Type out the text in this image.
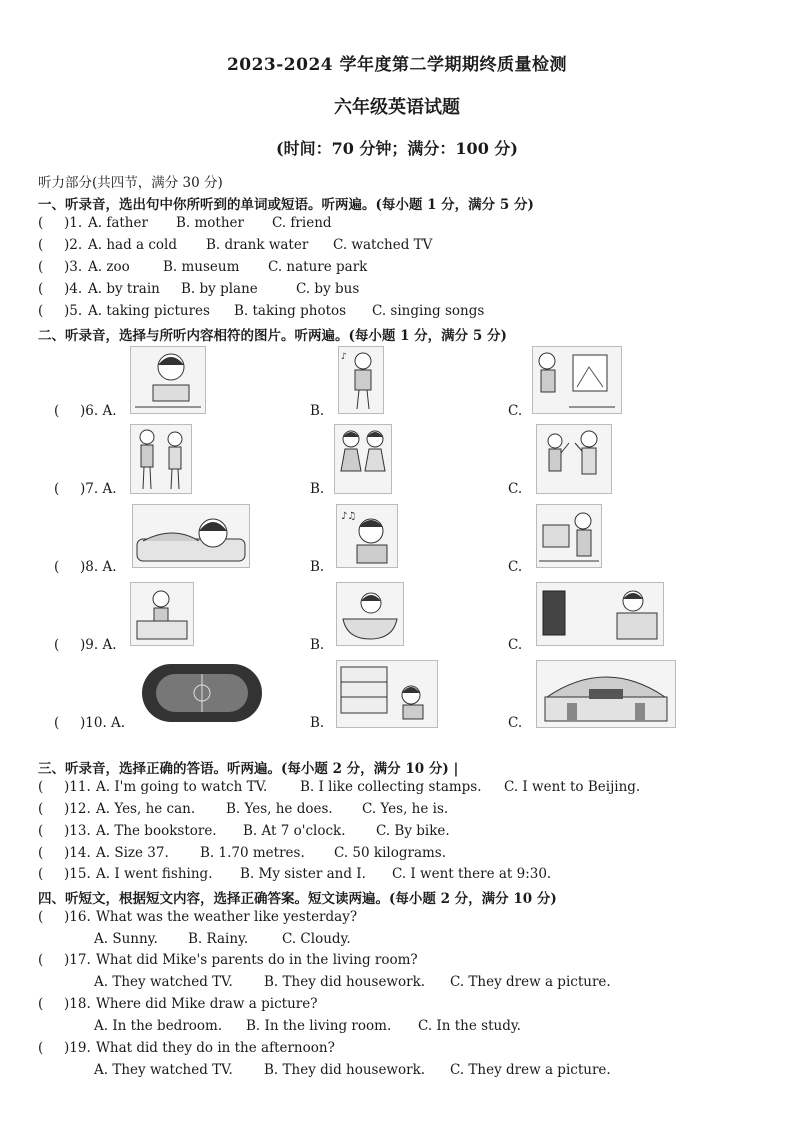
2023-2024 学年度第二学期期终质量检测
六年级英语试题
(时间：70 分钟；满分：100 分)
听力部分(共四节，满分 30 分)
一、听录音，选出句中你所听到的单词或短语。听两遍。(每小题 1 分，满分 5 分)
( )1. A. father B. mother C. friend
( )2. A. had a cold B. drank water C. watched TV
( )3. A. zoo B. museum C. nature park
( )4. A. by train B. by plane	C. by bus
( )5. A. taking pictures B. taking photos C. singing songs
二、听录音，选择与所听内容相符的图片。听两遍。(每小题 1 分，满分 5 分)
( )6. A.	B.	C.
♪
( )7. A.	B.	C.
( )8. A.	B.	C.
♪♫
( )9. A.	B.	C.
( )10. A.	B.	C.
三、听录音，选择正确的答语。听两遍。(每小题 2 分，满分 10 分) |
( )11. A. I'm going to watch TV. B. I like collecting stamps. C. I went to Beijing.
( )12. A. Yes, he can. B. Yes, he does. C. Yes, he is.
( )13. A. The bookstore. B. At 7 o'clock. C. By bike.
( )14. A. Size 37. B. 1.70 metres. C. 50 kilograms.
( )15. A. I went fishing. B. My sister and I. C. I went there at 9:30.
四、听短文，根据短文内容，选择正确答案。短文读两遍。(每小题 2 分，满分 10 分)
( )16. What was the weather like yesterday?
A. Sunny. B. Rainy.	C. Cloudy.
( )17. What did Mike's parents do in the living room?
A. They watched TV. B. They did housework. C. They drew a picture.
( )18. Where did Mike draw a picture?
A. In the bedroom. B. In the living room. C. In the study.
( )19. What did they do in the afternoon?
A. They watched TV. B. They did housework. C. They drew a picture.
